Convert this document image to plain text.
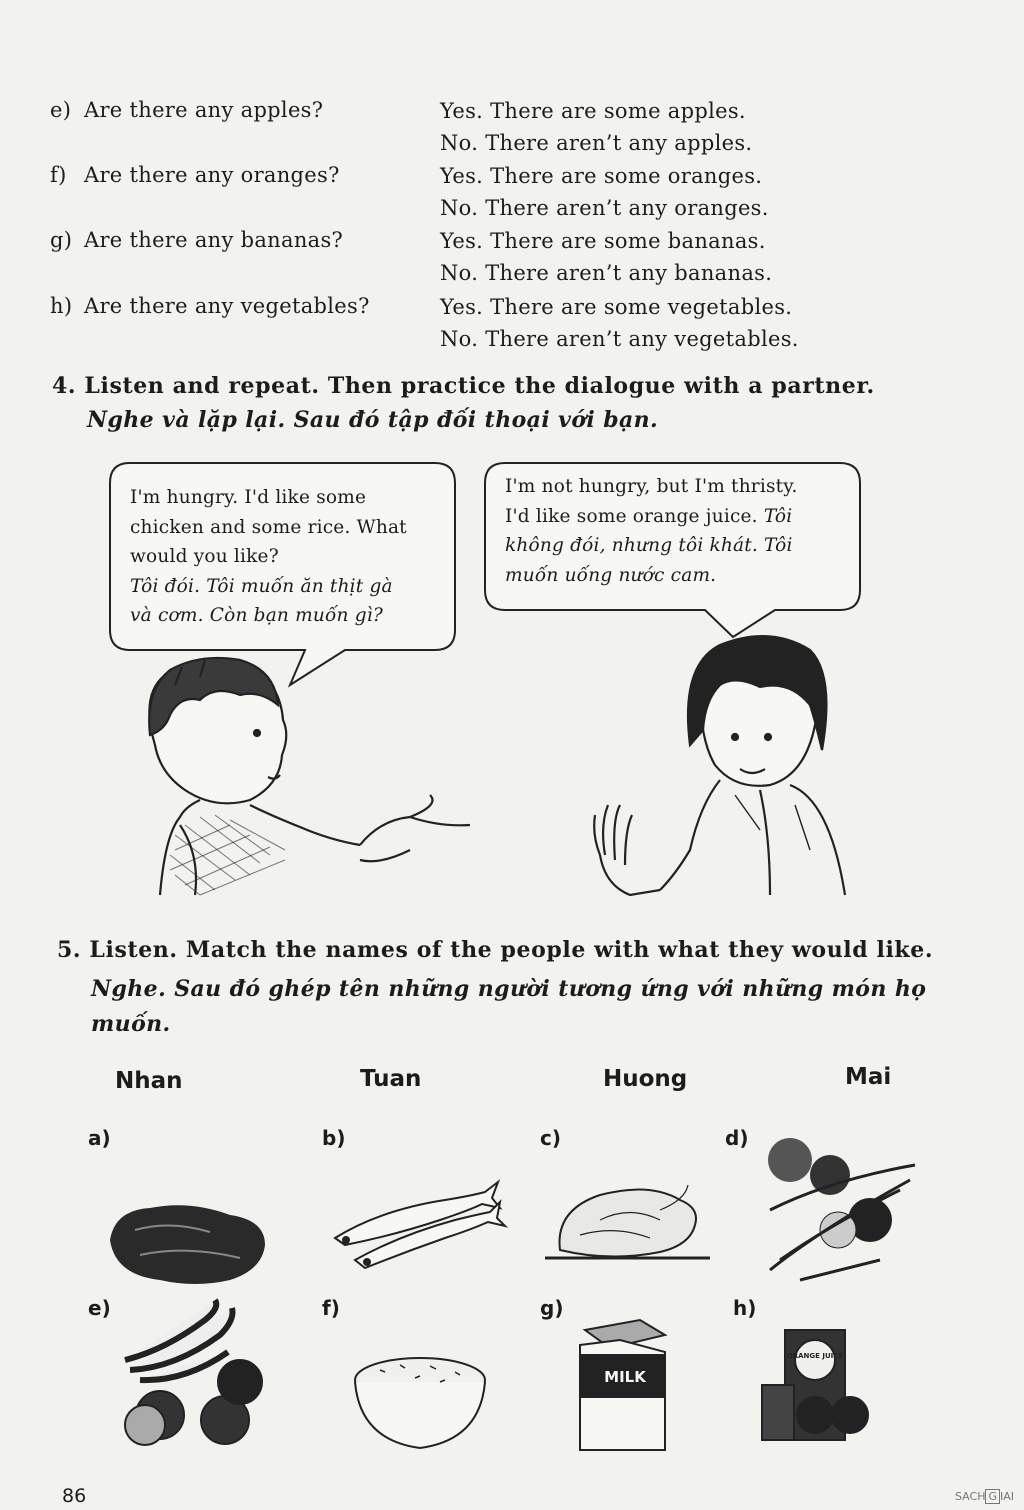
e) Are there any apples?	Yes. There are some apples.
No. There aren’t any apples.
f) Are there any oranges?	Yes. There are some oranges.
No. There aren’t any oranges.
g) Are there any bananas?	Yes. There are some bananas.
No. There aren’t any bananas.
h) Are there any vegetables?	Yes. There are some vegetables.
No. There aren’t any vegetables.
4. Listen and repeat. Then practice the dialogue with a partner.
Nghe và lặp lại. Sau đó tập đối thoại với bạn.
I'm hungry. I'd like some
chicken and some rice. What
would you like?
Tôi đói. Tôi muốn ăn thịt gà
và cơm. Còn bạn muốn gì?
I'm not hungry, but I'm thristy.
I'd like some orange juice. Tôi
không đói, nhưng tôi khát. Tôi
muốn uống nước cam.
5. Listen. Match the names of the people with what they would like.
Nghe. Sau đó ghép tên những người tương ứng với những món họ
muốn.
Nhan	Tuan	Huong	Mai
a)	b)	c)	d)
e)	f)	g)	h)
MILK
ORANGE JUICE
86	SACH G IAI
